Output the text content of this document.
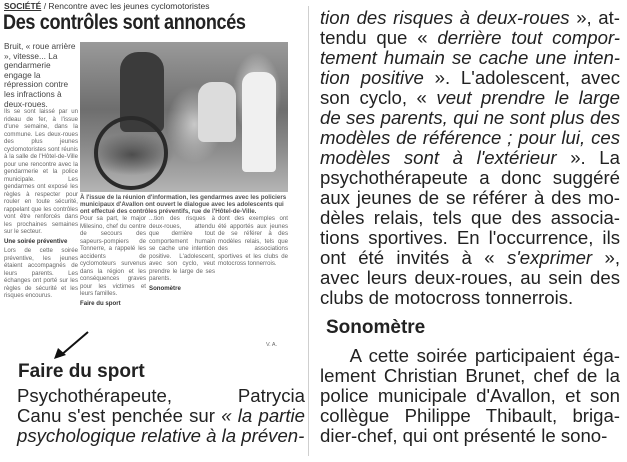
SOCIÉTÉ / Rencontre avec les jeunes cyclomotoristes
Des contrôles sont annoncés
Bruit, « roue arrière », vitesse... La gendarmerie engage la répression contre les infractions à deux-roues.
À l'issue de la réunion d'information, les gendarmes avec les policiers municipaux d'Avallon ont ouvert le dialogue avec les adolescents qui ont effectué des contrôles préventifs, rue de l'Hôtel-de-Ville.
Ils se sont laissé par un rideau de fer, à l'issue d'une semaine, dans la commune. Les deux-roues des plus jeunes cyclomotoristes sont réunis à la salle de l'Hôtel-de-Ville pour une rencontre avec la gendarmerie et la police municipale. Les gendarmes ont exposé les règles à respecter pour rouler en toute sécurité, rappelant que les contrôles vont être renforcés dans les prochaines semaines sur le secteur.
Une soirée préventive
Lors de cette soirée préventive, les jeunes étaient accompagnés de leurs parents. Les échanges ont porté sur les règles de sécurité et les risques encourus.
Pour sa part, le major Milesino, chef du centre de secours des sapeurs-pompiers de Tonnerre, a rappelé les accidents de cyclomoteurs survenus dans la région et les conséquences graves pour les victimes et leurs familles.
Faire du sport
...tion des risques à deux-roues, attendu que derrière tout comportement humain se cache une intention positive. L'adolescent, avec son cyclo, veut prendre le large de ses parents.
Sonomètre
dont des exemples ont été apportés aux jeunes de se référer à des modèles relais, tels que des associations sportives et les clubs de motocross tonnerrois.
V. A.
Faire du sport
Psychothérapeute, Patrycia
Canu s'est penchée sur « la partie
psychologique relative à la préven-
tion des risques à deux-roues », at-
tendu que « derrière tout compor-
tement humain se cache une inten-
tion positive ». L'adolescent, avec
son cyclo, « veut prendre le large
de ses parents, qui ne sont plus des
modèles de référence ; pour lui, ces
modèles sont à l'extérieur ». La
psychothérapeute a donc suggéré
aux jeunes de se référer à des mo-
dèles relais, tels que des associa-
tions sportives. En l'occurrence, ils
ont été invités à « s'exprimer »,
avec leurs deux-roues, au sein des
clubs de motocross tonnerrois.
Sonomètre
A cette soirée participaient éga-
lement Christian Brunet, chef de la
police municipale d'Avallon, et son
collègue Philippe Thibault, briga-
dier-chef, qui ont présenté le sono-
